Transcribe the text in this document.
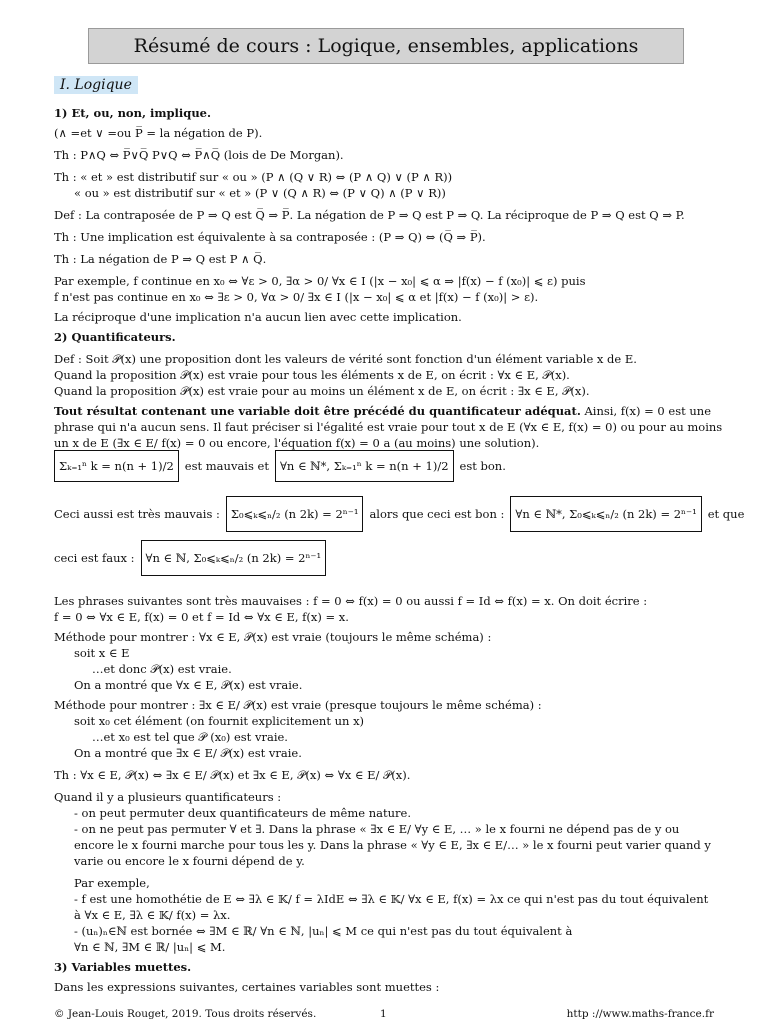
Résumé de cours : Logique, ensembles, applications
I. Logique
1) Et, ou, non, implique.
(∧ =et ∨ =ou P̅ = la négation de P).
Th : P∧Q ⇔ P̅∨Q̅ P∨Q ⇔ P̅∧Q̅ (lois de De Morgan).
Th : « et » est distributif sur « ou » (P ∧ (Q ∨ R) ⇔ (P ∧ Q) ∨ (P ∧ R))
« ou » est distributif sur « et » (P ∨ (Q ∧ R) ⇔ (P ∨ Q) ∧ (P ∨ R))
Def : La contraposée de P ⇒ Q est Q̅ ⇒ P̅. La négation de P ⇒ Q est P ⇒ Q. La réciproque de P ⇒ Q est Q ⇒ P.
Th : Une implication est équivalente à sa contraposée : (P ⇒ Q) ⇔ (Q̅ ⇒ P̅).
Th : La négation de P ⇒ Q est P ∧ Q̅.
Par exemple, f continue en x₀ ⇔ ∀ε > 0, ∃α > 0/ ∀x ∈ I (|x − x₀| ⩽ α ⇒ |f(x) − f (x₀)| ⩽ ε) puis
f n'est pas continue en x₀ ⇔ ∃ε > 0, ∀α > 0/ ∃x ∈ I (|x − x₀| ⩽ α et |f(x) − f (x₀)| > ε).
La réciproque d'une implication n'a aucun lien avec cette implication.
2) Quantificateurs.
Def : Soit 𝒫(x) une proposition dont les valeurs de vérité sont fonction d'un élément variable x de E.
Quand la proposition 𝒫(x) est vraie pour tous les éléments x de E, on écrit : ∀x ∈ E, 𝒫(x).
Quand la proposition 𝒫(x) est vraie pour au moins un élément x de E, on écrit : ∃x ∈ E, 𝒫(x).
Tout résultat contenant une variable doit être précédé du quantificateur adéquat. Ainsi, f(x) = 0 est une
phrase qui n'a aucun sens. Il faut préciser si l'égalité est vraie pour tout x de E (∀x ∈ E, f(x) = 0) ou pour au moins
un x de E (∃x ∈ E/ f(x) = 0 ou encore, l'équation f(x) = 0 a (au moins) une solution).
Σₖ₌₁ⁿ k = n(n + 1)/2 est mauvais et ∀n ∈ ℕ*, Σₖ₌₁ⁿ k = n(n + 1)/2 est bon.
Ceci aussi est très mauvais : Σ₀⩽ₖ⩽ₙ/₂ (n 2k) = 2ⁿ⁻¹ alors que ceci est bon : ∀n ∈ ℕ*, Σ₀⩽ₖ⩽ₙ/₂ (n 2k) = 2ⁿ⁻¹ et que
ceci est faux : ∀n ∈ ℕ, Σ₀⩽ₖ⩽ₙ/₂ (n 2k) = 2ⁿ⁻¹
Les phrases suivantes sont très mauvaises : f = 0 ⇔ f(x) = 0 ou aussi f = Id ⇔ f(x) = x. On doit écrire :
f = 0 ⇔ ∀x ∈ E, f(x) = 0 et f = Id ⇔ ∀x ∈ E, f(x) = x.
Méthode pour montrer : ∀x ∈ E, 𝒫(x) est vraie (toujours le même schéma) :
soit x ∈ E
…et donc 𝒫(x) est vraie.
On a montré que ∀x ∈ E, 𝒫(x) est vraie.
Méthode pour montrer : ∃x ∈ E/ 𝒫(x) est vraie (presque toujours le même schéma) :
soit x₀ cet élément (on fournit explicitement un x)
…et x₀ est tel que 𝒫 (x₀) est vraie.
On a montré que ∃x ∈ E/ 𝒫(x) est vraie.
Th : ∀x ∈ E, 𝒫(x) ⇔ ∃x ∈ E/ 𝒫(x) et ∃x ∈ E, 𝒫(x) ⇔ ∀x ∈ E/ 𝒫(x).
Quand il y a plusieurs quantificateurs :
- on peut permuter deux quantificateurs de même nature.
- on ne peut pas permuter ∀ et ∃. Dans la phrase « ∃x ∈ E/ ∀y ∈ E, … » le x fourni ne dépend pas de y ou
encore le x fourni marche pour tous les y. Dans la phrase « ∀y ∈ E, ∃x ∈ E/… » le x fourni peut varier quand y
varie ou encore le x fourni dépend de y.
Par exemple,
- f est une homothétie de E ⇔ ∃λ ∈ 𝕂/ f = λIdE ⇔ ∃λ ∈ 𝕂/ ∀x ∈ E, f(x) = λx ce qui n'est pas du tout équivalent
à ∀x ∈ E, ∃λ ∈ 𝕂/ f(x) = λx.
- (uₙ)ₙ∈ℕ est bornée ⇔ ∃M ∈ ℝ/ ∀n ∈ ℕ, |uₙ| ⩽ M ce qui n'est pas du tout équivalent à
∀n ∈ ℕ, ∃M ∈ ℝ/ |uₙ| ⩽ M.
3) Variables muettes.
Dans les expressions suivantes, certaines variables sont muettes :
© Jean-Louis Rouget, 2019. Tous droits réservés.	1	http ://www.maths-france.fr
